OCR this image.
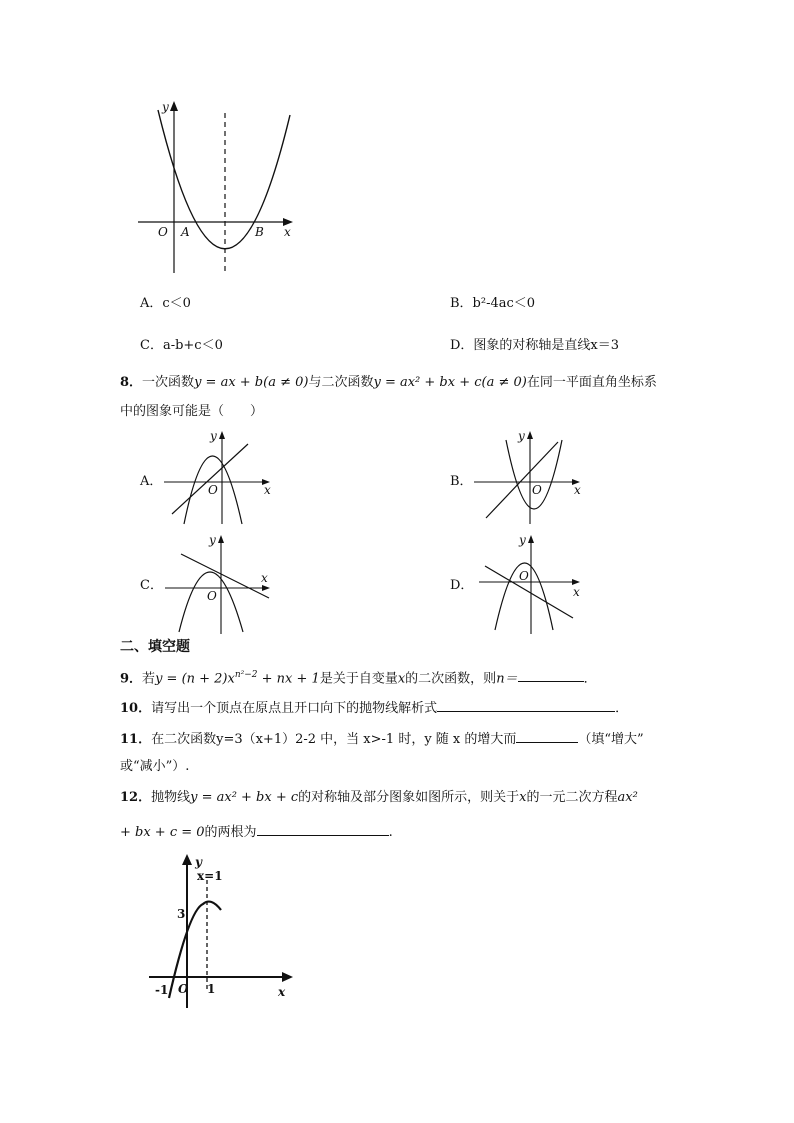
y
x
O A	B
A．c＜0	B．b²-4ac＜0
C．a-b+c＜0	D．图象的对称轴是直线x＝3
8．一次函数y = ax + b(a ≠ 0)与二次函数y = ax² + bx + c(a ≠ 0)在同一平面直角坐标系
中的图象可能是（　　）
A．	B．
C．	D．
y
x
O
y
x
O
y
x
O
y
x
O
二、填空题
9．若$y = (n + 2)x^{n^2-2}$ + nx + 1是关于自变量x的二次函数，则n＝	．
10．请写出一个顶点在原点且开口向下的抛物线解析式	．
11．在二次函数y=3（x+1）2-2 中，当 x>-1 时，y 随 x 的增大而	（填“增大”
或“减小”）.
12．抛物线y = ax² + bx + c的对称轴及部分图象如图所示，则关于x的一元二次方程ax²
+ bx + c = 0的两根为	.
y
x=1
3
x
-1 O 1
